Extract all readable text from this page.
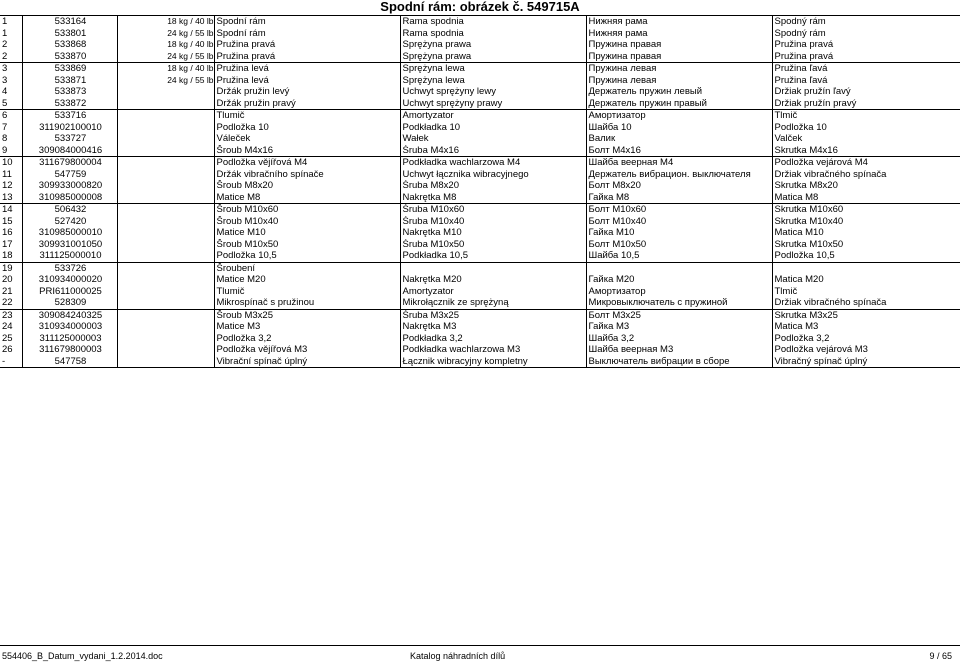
Spodní rám: obrázek č. 549715A
1	533164	18 kg / 40 lb	Spodní rám	Rama spodnia	Нижняя рама	Spodný rám
1	533801	24 kg / 55 lb	Spodní rám	Rama spodnia	Нижняя рама	Spodný rám
2	533868	18 kg / 40 lb	Pružina pravá	Sprężyna prawa	Пружина правая	Pružina pravá
2	533870	24 kg / 55 lb	Pružina pravá	Sprężyna prawa	Пружина правая	Pružina pravá
3	533869	18 kg / 40 lb	Pružina levá	Sprężyna lewa	Пружина левая	Pružina ľavá
3	533871	24 kg / 55 lb	Pružina levá	Sprężyna lewa	Пружина левая	Pružina ľavá
4	533873		Držák pružin levý	Uchwyt sprężyny lewy	Держатель пружин левый	Držiak pružín ľavý
5	533872		Držák pružin pravý	Uchwyt sprężyny prawy	Держатель пружин правый	Držiak pružín pravý
6	533716		Tlumič	Amortyzator	Амортизатор	Tlmič
7	311902100010		Podložka 10	Podkładka 10	Шайба 10	Podložka 10
8	533727		Váleček	Wałek	Валик	Valček
9	309084000416		Šroub M4x16	Śruba M4x16	Болт M4x16	Skrutka M4x16
10	311679800004		Podložka vějířová M4	Podkładka wachlarzowa M4	Шайба веерная M4	Podložka vejárová M4
11	547759		Držák vibračního spínače	Uchwyt łącznika wibracyjnego	Держатель вибрацион. выключателя	Držiak vibračného spínača
12	309933000820		Šroub M8x20	Śruba M8x20	Болт M8x20	Skrutka M8x20
13	310985000008		Matice M8	Nakrętka M8	Гайка M8	Matica M8
14	506432		Šroub M10x60	Śruba M10x60	Болт M10x60	Skrutka M10x60
15	527420		Šroub M10x40	Śruba M10x40	Болт M10x40	Skrutka M10x40
16	310985000010		Matice M10	Nakrętka M10	Гайка M10	Matica M10
17	309931001050		Šroub M10x50	Śruba M10x50	Болт M10x50	Skrutka M10x50
18	311125000010		Podložka 10,5	Podkładka 10,5	Шайба 10,5	Podložka 10,5
19	533726		Šroubení			
20	310934000020		Matice M20	Nakrętka M20	Гайка M20	Matica M20
21	PRI611000025		Tlumič	Amortyzator	Амортизатор	Tlmič
22	528309		Mikrospínač s pružinou	Mikrołącznik ze sprężyną	Микровыключатель с пружиной	Držiak vibračného spínača
23	309084240325		Šroub M3x25	Śruba M3x25	Болт M3x25	Skrutka M3x25
24	310934000003		Matice M3	Nakrętka M3	Гайка M3	Matica M3
25	311125000003		Podložka 3,2	Podkładka 3,2	Шайба 3,2	Podložka 3,2
26	311679800003		Podložka vějířová M3	Podkładka wachlarzowa M3	Шайба веерная M3	Podložka vejárová M3
-	547758		Vibrační spínač úplný	Łącznik wibracyjny kompletny	Выключатель вибрации в сборе	Vibračný spínač úplný
554406_B_Datum_vydani_1.2.2014.doc	Katalog náhradních dílů	9 / 65
